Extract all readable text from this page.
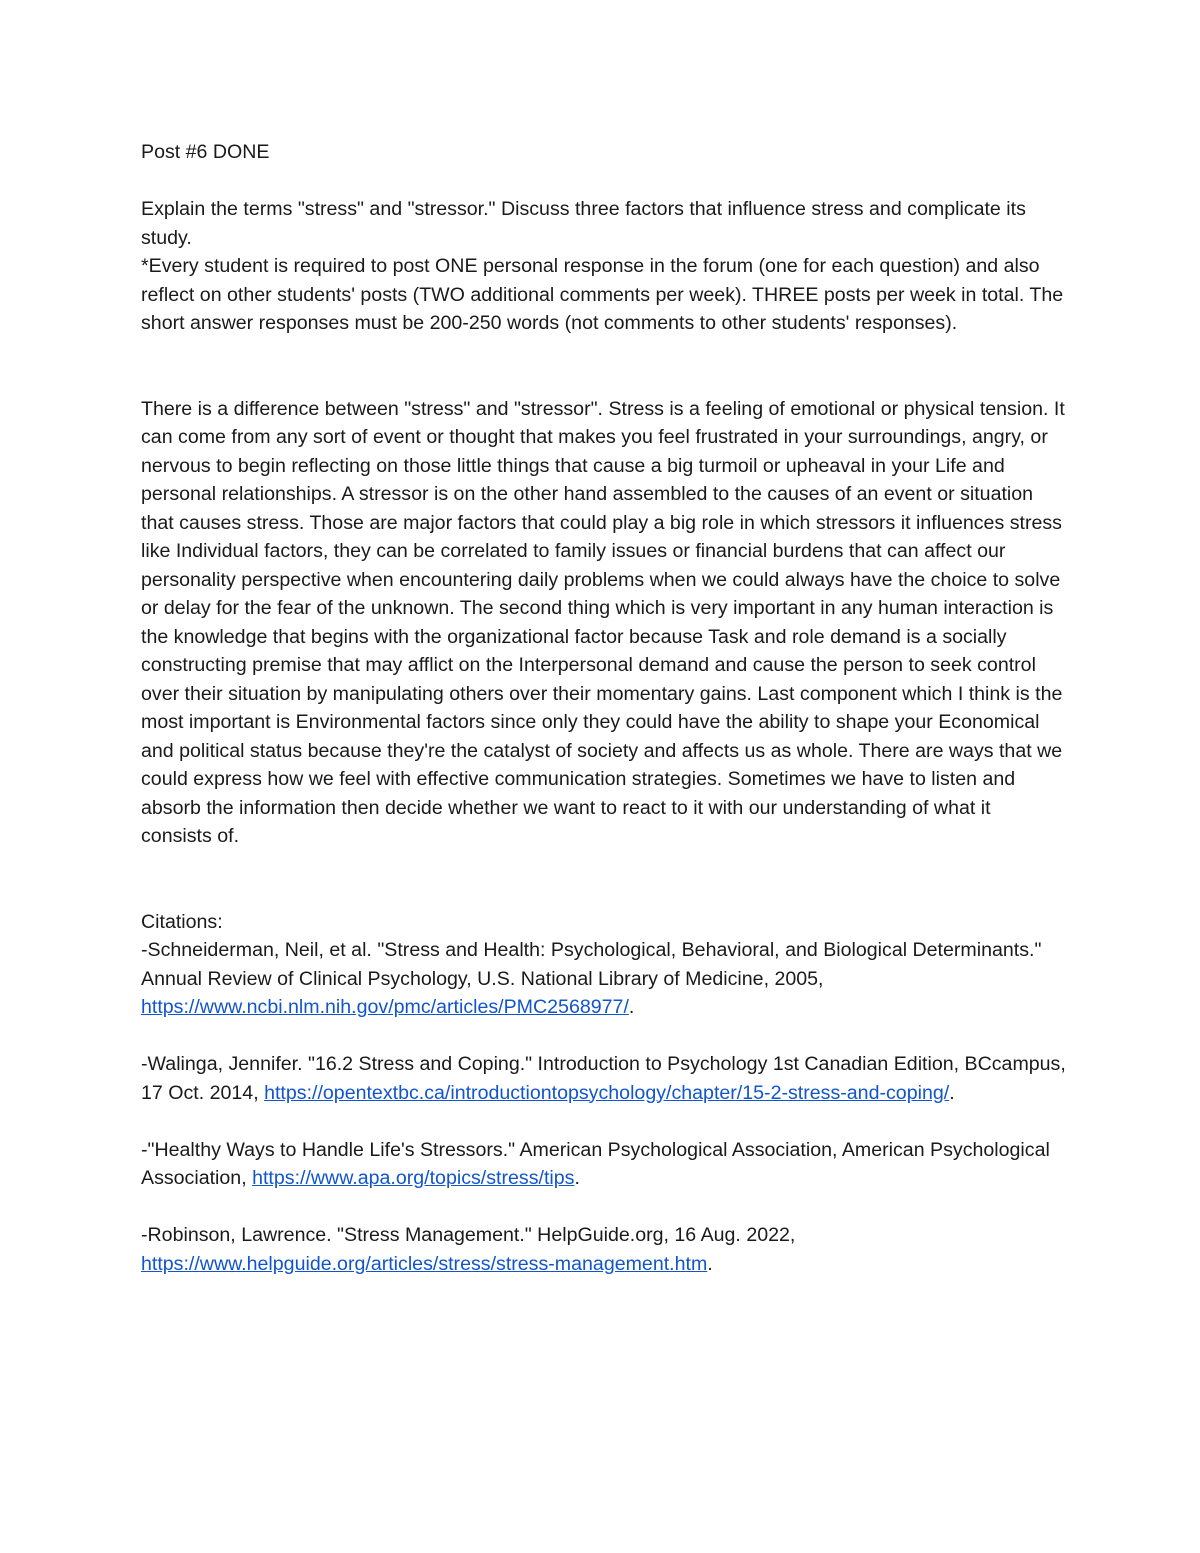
Post #6 DONE

Explain the terms "stress" and "stressor." Discuss three factors that influence stress and complicate its study.

*Every student is required to post ONE personal response in the forum (one for each question) and also reflect on other students' posts (TWO additional comments per week). THREE posts per week in total. The short answer responses must be 200-250 words (not comments to other students' responses).

There is a difference between "stress" and "stressor". Stress is a feeling of emotional or physical tension. It can come from any sort of event or thought that makes you feel frustrated in your surroundings, angry, or nervous to begin reflecting on those little things that cause a big turmoil or upheaval in your Life and personal relationships. A stressor is on the other hand assembled to the causes of an event or situation that causes stress. Those are major factors that could play a big role in which stressors it influences stress like Individual factors, they can be correlated to family issues or financial burdens that can affect our personality perspective when encountering daily problems when we could always have the choice to solve or delay for the fear of the unknown. The second thing which is very important in any human interaction is the knowledge that begins with the organizational factor because Task and role demand is a socially constructing premise that may afflict on the Interpersonal demand and cause the person to seek control over their situation by manipulating others over their momentary gains. Last component which I think is the most important is Environmental factors since only they could have the ability to shape your Economical and political status because they're the catalyst of society and affects us as whole. There are ways that we could express how we feel with effective communication strategies. Sometimes we have to listen and absorb the information then decide whether we want to react to it with our understanding of what it consists of.

Citations:

-Schneiderman, Neil, et al. "Stress and Health: Psychological, Behavioral, and Biological Determinants." Annual Review of Clinical Psychology, U.S. National Library of Medicine, 2005, https://www.ncbi.nlm.nih.gov/pmc/articles/PMC2568977/.

-Walinga, Jennifer. "16.2 Stress and Coping." Introduction to Psychology 1st Canadian Edition, BCcampus, 17 Oct. 2014, https://opentextbc.ca/introductiontopsychology/chapter/15-2-stress-and-coping/.

-"Healthy Ways to Handle Life's Stressors." American Psychological Association, American Psychological Association, https://www.apa.org/topics/stress/tips.

-Robinson, Lawrence. "Stress Management." HelpGuide.org, 16 Aug. 2022, https://www.helpguide.org/articles/stress/stress-management.htm.
